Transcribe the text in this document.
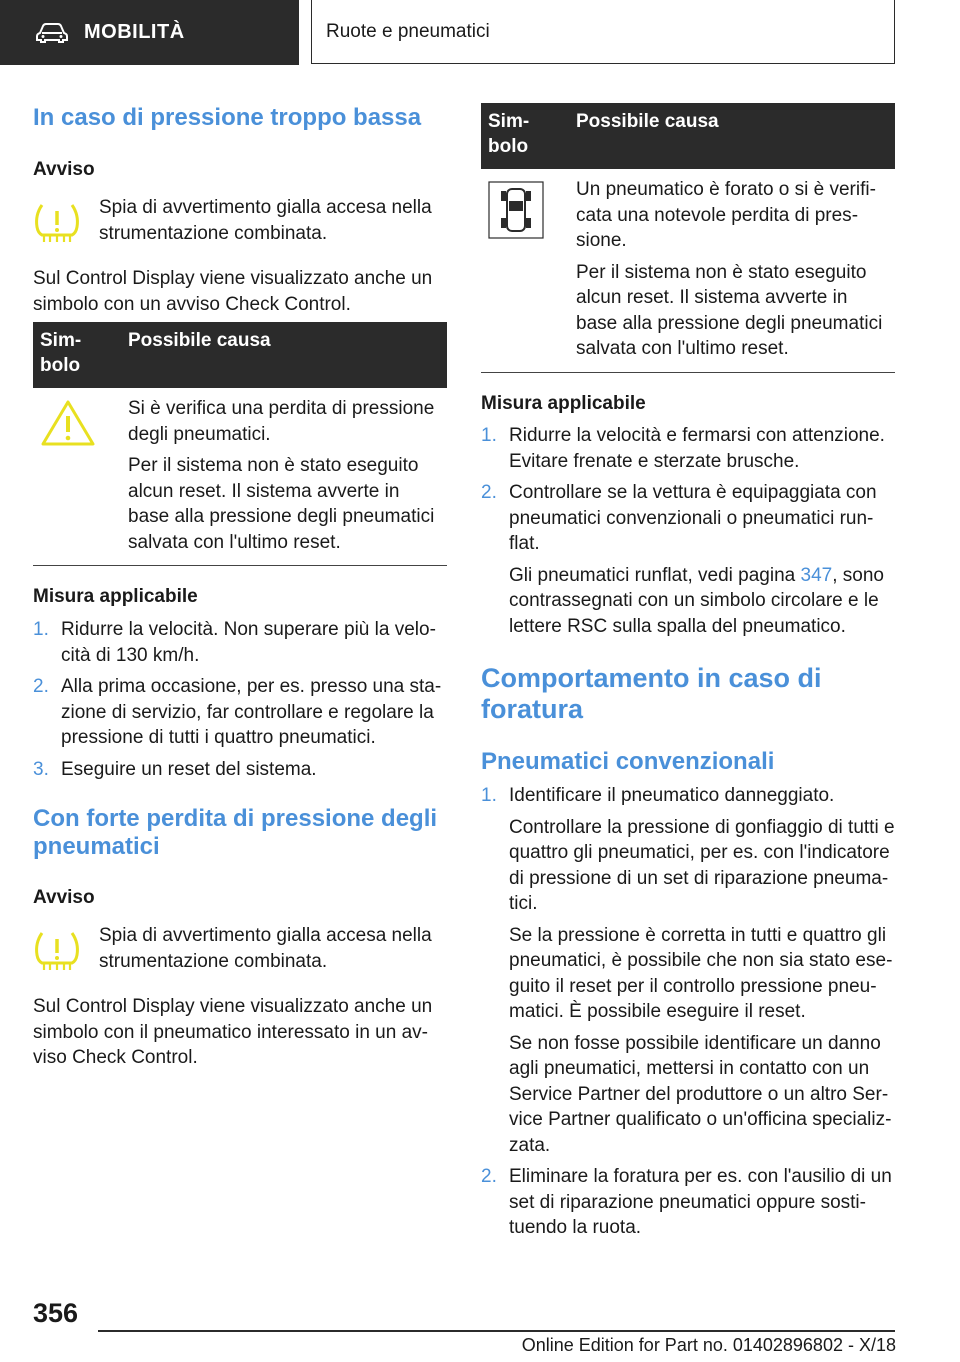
MOBILITÀ	Ruote e pneumatici
In caso di pressione troppo bassa
Avviso
Spia di avvertimento gialla accesa nella strumentazione combinata.
Sul Control Display viene visualizzato anche un simbolo con un avviso Check Control.
Simbolo	Possibile causa

Si è verifica una perdita di pressione degli pneumatici.

Per il sistema non è stato eseguito alcun reset. Il sistema avverte in base alla pressione degli pneumatici salvata con l'ultimo reset.

Misura applicabile
1. Ridurre la velocità. Non superare più la velocità di 130 km/h.
2. Alla prima occasione, per es. presso una stazione di servizio, far controllare e regolare la pressione di tutti i quattro pneumatici.
3. Eseguire un reset del sistema.
Con forte perdita di pressione degli pneumatici
Avviso
Spia di avvertimento gialla accesa nella strumentazione combinata.
Sul Control Display viene visualizzato anche un simbolo con il pneumatico interessato in un avviso Check Control.
Simbolo	Possibile causa

Un pneumatico è forato o si è verificata una notevole perdita di pressione.

Per il sistema non è stato eseguito alcun reset. Il sistema avverte in base alla pressione degli pneumatici salvata con l'ultimo reset.

Misura applicabile
1. Ridurre la velocità e fermarsi con attenzione. Evitare frenate e sterzate brusche.
2. Controllare se la vettura è equipaggiata con pneumatici convenzionali o pneumatici runflat.

Gli pneumatici runflat, vedi pagina 347, sono contrassegnati con un simbolo circolare e le lettere RSC sulla spalla del pneumatico.

Comportamento in caso di foratura
Pneumatici convenzionali
1. Identificare il pneumatico danneggiato.

Controllare la pressione di gonfiaggio di tutti e quattro gli pneumatici, per es. con l'indicatore di pressione di un set di riparazione pneumatici.

Se la pressione è corretta in tutti e quattro gli pneumatici, è possibile che non sia stato eseguito il reset per il controllo pressione pneumatici. È possibile eseguire il reset.

Se non fosse possibile identificare un danno agli pneumatici, mettersi in contatto con un Service Partner del produttore o un altro Service Partner qualificato o un'officina specializzata.

2. Eliminare la foratura per es. con l'ausilio di un set di riparazione pneumatici oppure sostituendo la ruota.

356
Online Edition for Part no. 01402896802 - X/18
